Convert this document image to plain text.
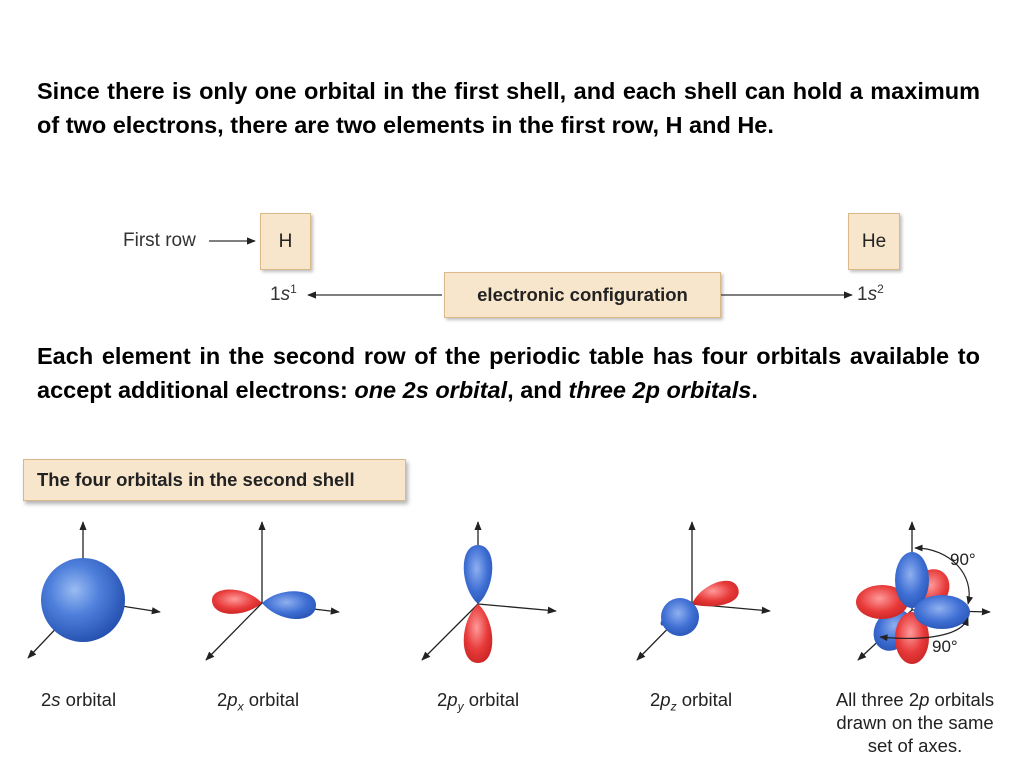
Since there is only one orbital in the first shell, and each shell can hold a maximum of two electrons, there are two elements in the first row, H and He.
First row	H	He
electronic configuration
$1s^1$	$1s^2$
Each element in the second row of the periodic table has four orbitals available to accept additional electrons: one 2s orbital, and three 2p orbitals.
The four orbitals in the second shell
90°
90°
2s orbital	$2p_x$ orbital	$2p_y$ orbital	$2p_z$ orbital	All three 2p orbitals
drawn on the same
set of axes.
